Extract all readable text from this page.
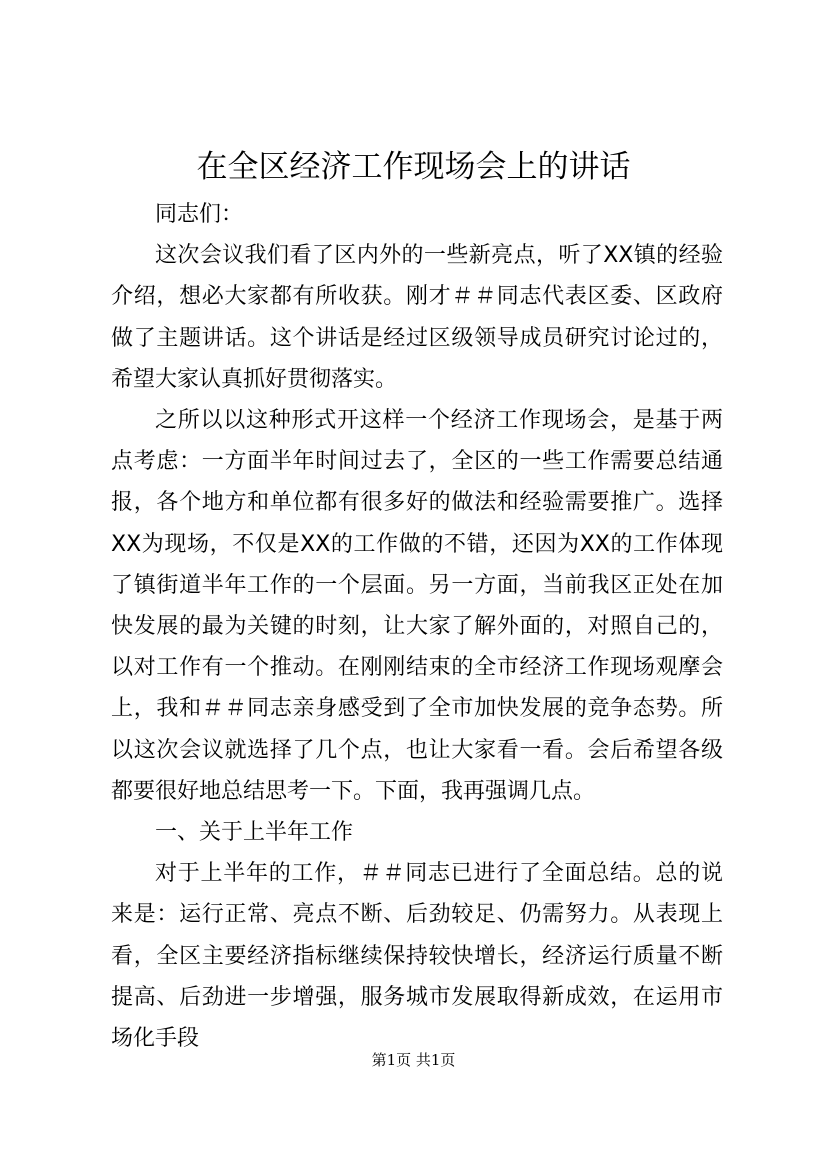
在全区经济工作现场会上的讲话

同志们：

这次会议我们看了区内外的一些新亮点，听了XX镇的经验介绍，想必大家都有所收获。刚才＃＃同志代表区委、区政府做了主题讲话。这个讲话是经过区级领导成员研究讨论过的，希望大家认真抓好贯彻落实。

之所以以这种形式开这样一个经济工作现场会，是基于两点考虑：一方面半年时间过去了，全区的一些工作需要总结通报，各个地方和单位都有很多好的做法和经验需要推广。选择XX为现场，不仅是XX的工作做的不错，还因为XX的工作体现了镇街道半年工作的一个层面。另一方面，当前我区正处在加快发展的最为关键的时刻，让大家了解外面的，对照自己的，以对工作有一个推动。在刚刚结束的全市经济工作现场观摩会上，我和＃＃同志亲身感受到了全市加快发展的竞争态势。所以这次会议就选择了几个点，也让大家看一看。会后希望各级都要很好地总结思考一下。下面，我再强调几点。

一、关于上半年工作

对于上半年的工作，＃＃同志已进行了全面总结。总的说来是：运行正常、亮点不断、后劲较足、仍需努力。从表现上看，全区主要经济指标继续保持较快增长，经济运行质量不断提高、后劲进一步增强，服务城市发展取得新成效，在运用市场化手段

第1页 共1页
